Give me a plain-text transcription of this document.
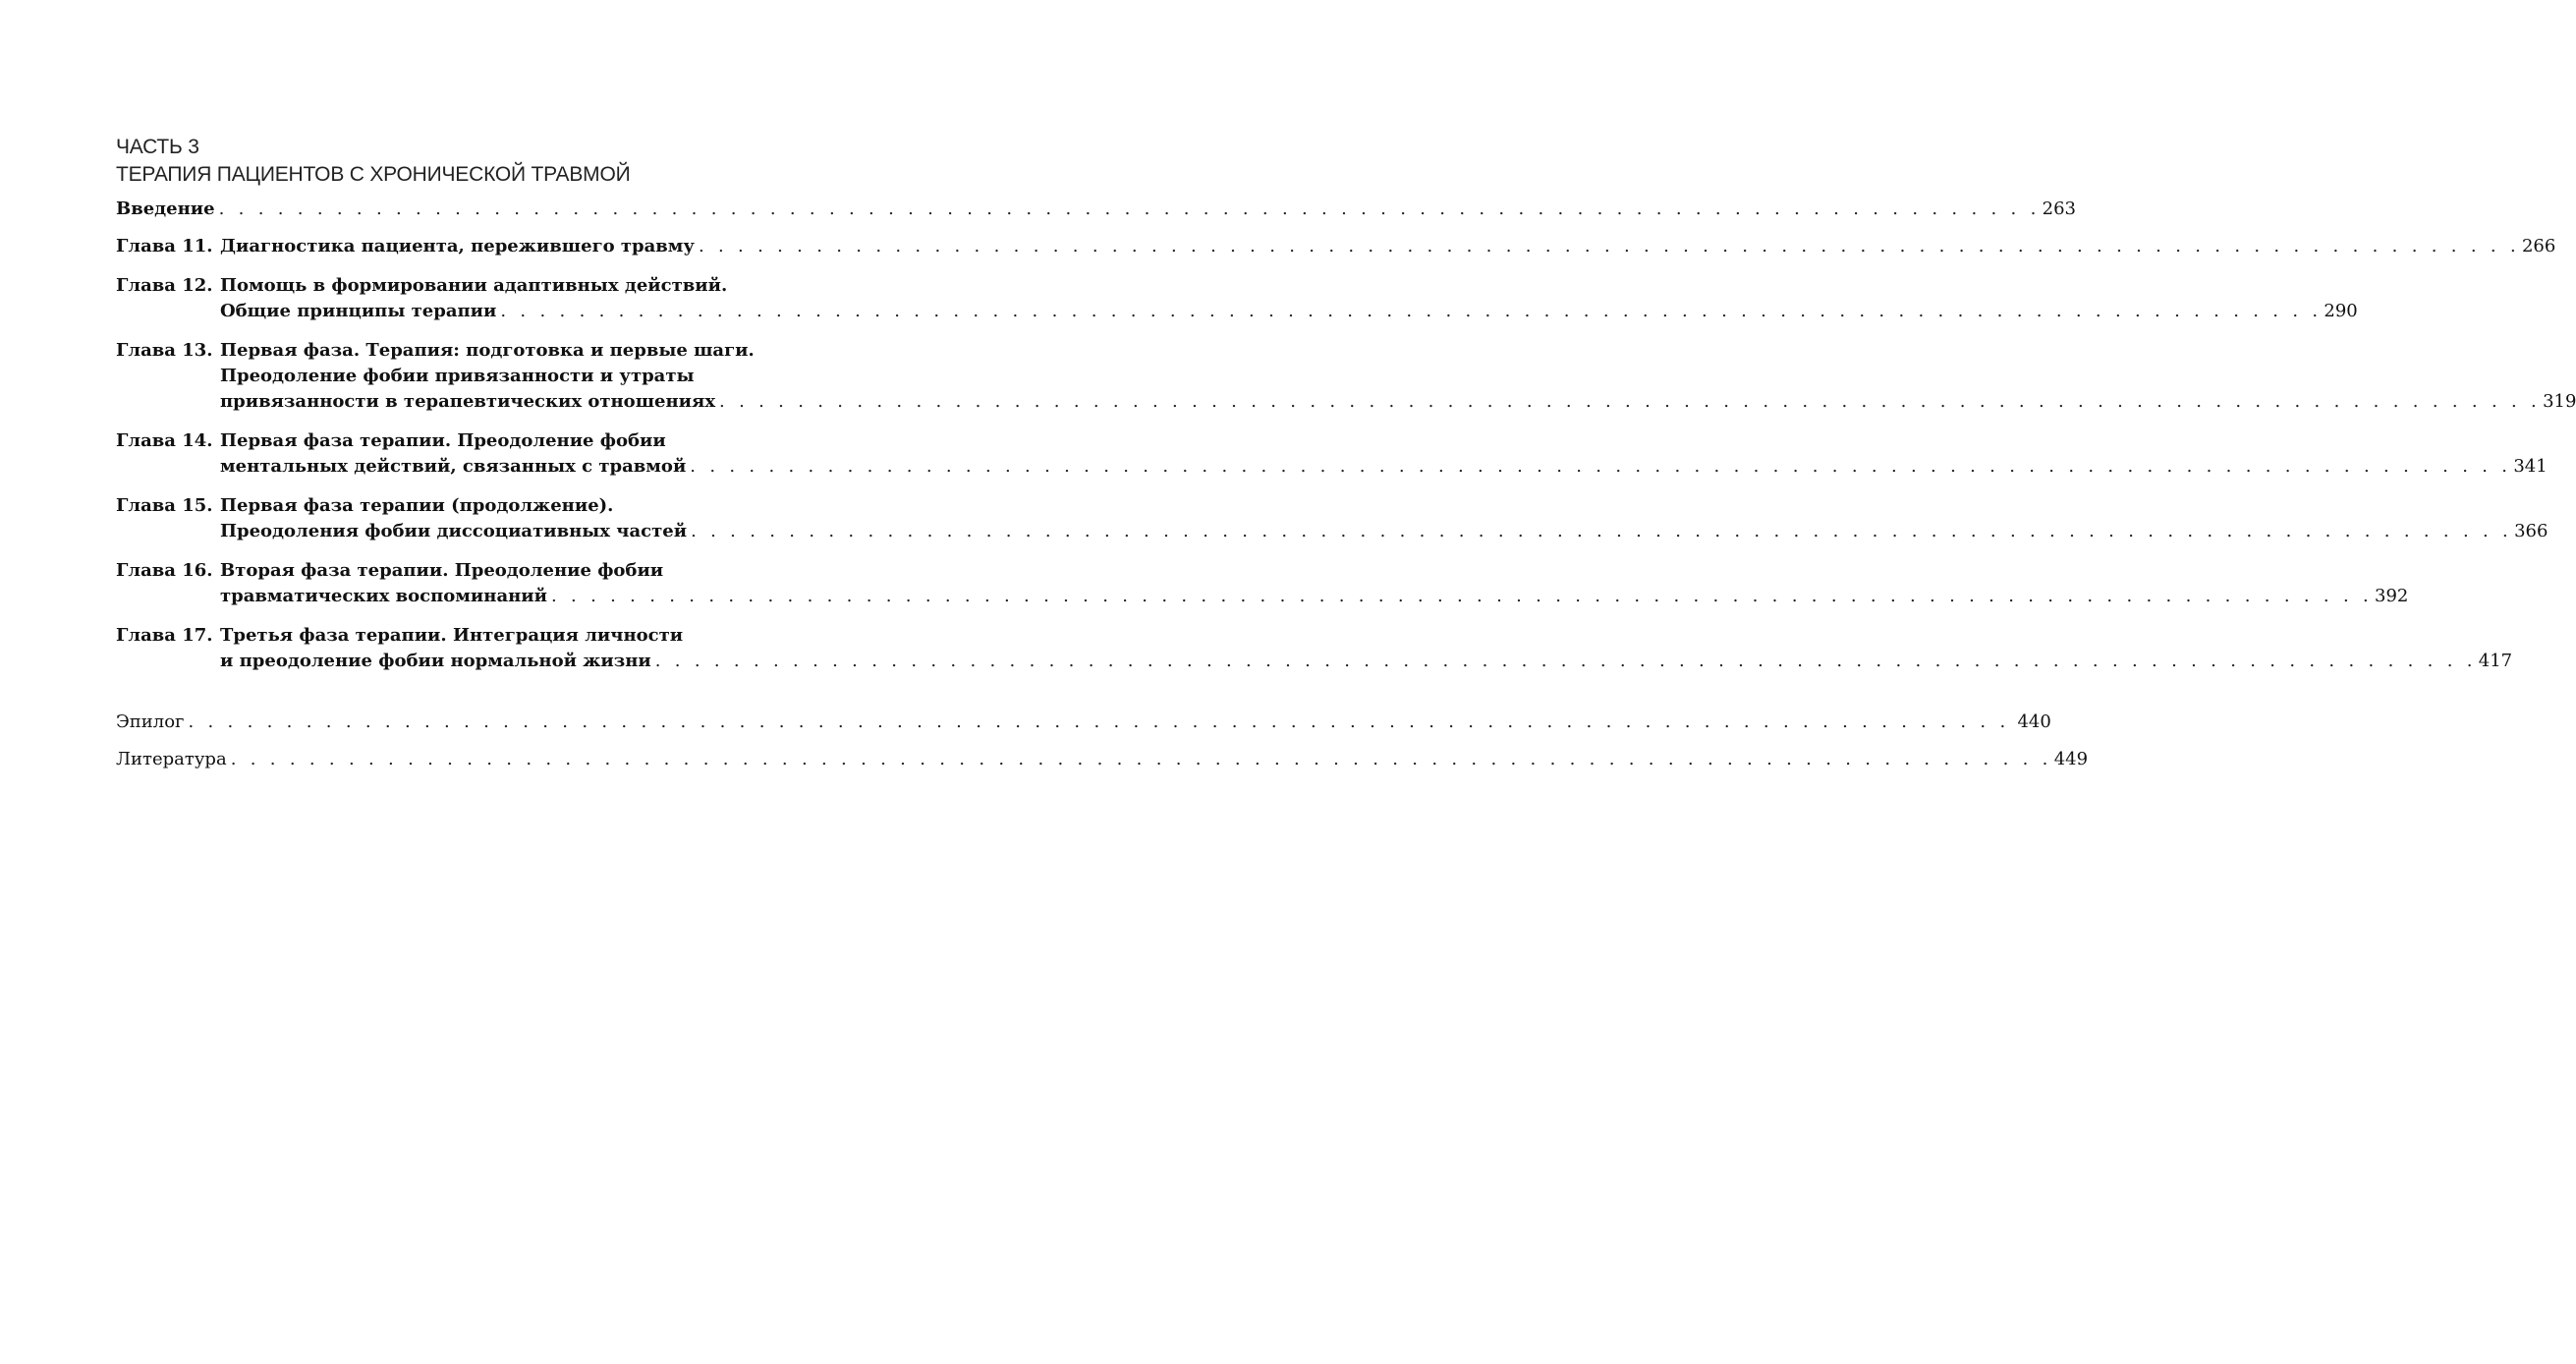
ЧАСТЬ 3
ТЕРАПИЯ ПАЦИЕНТОВ С ХРОНИЧЕСКОЙ ТРАВМОЙ
Введение . . .	263
Глава 11. Диагностика пациента, пережившего травму . . .	266
Глава 12. Помощь в формировании адаптивных действий.
Общие принципы терапии . . .	290
Глава 13. Первая фаза. Терапия: подготовка и первые шаги.
Преодоление фобии привязанности и утраты
привязанности в терапевтических отношениях . . .	319
Глава 14. Первая фаза терапии. Преодоление фобии
ментальных действий, связанных с травмой . . .	341
Глава 15. Первая фаза терапии (продолжение).
Преодоления фобии диссоциативных частей . . .	366
Глава 16. Вторая фаза терапии. Преодоление фобии
травматических воспоминаний . . .	392
Глава 17. Третья фаза терапии. Интеграция личности
и преодоление фобии нормальной жизни . . .	417
Эпилог . . .	440
Литература . . .	449
